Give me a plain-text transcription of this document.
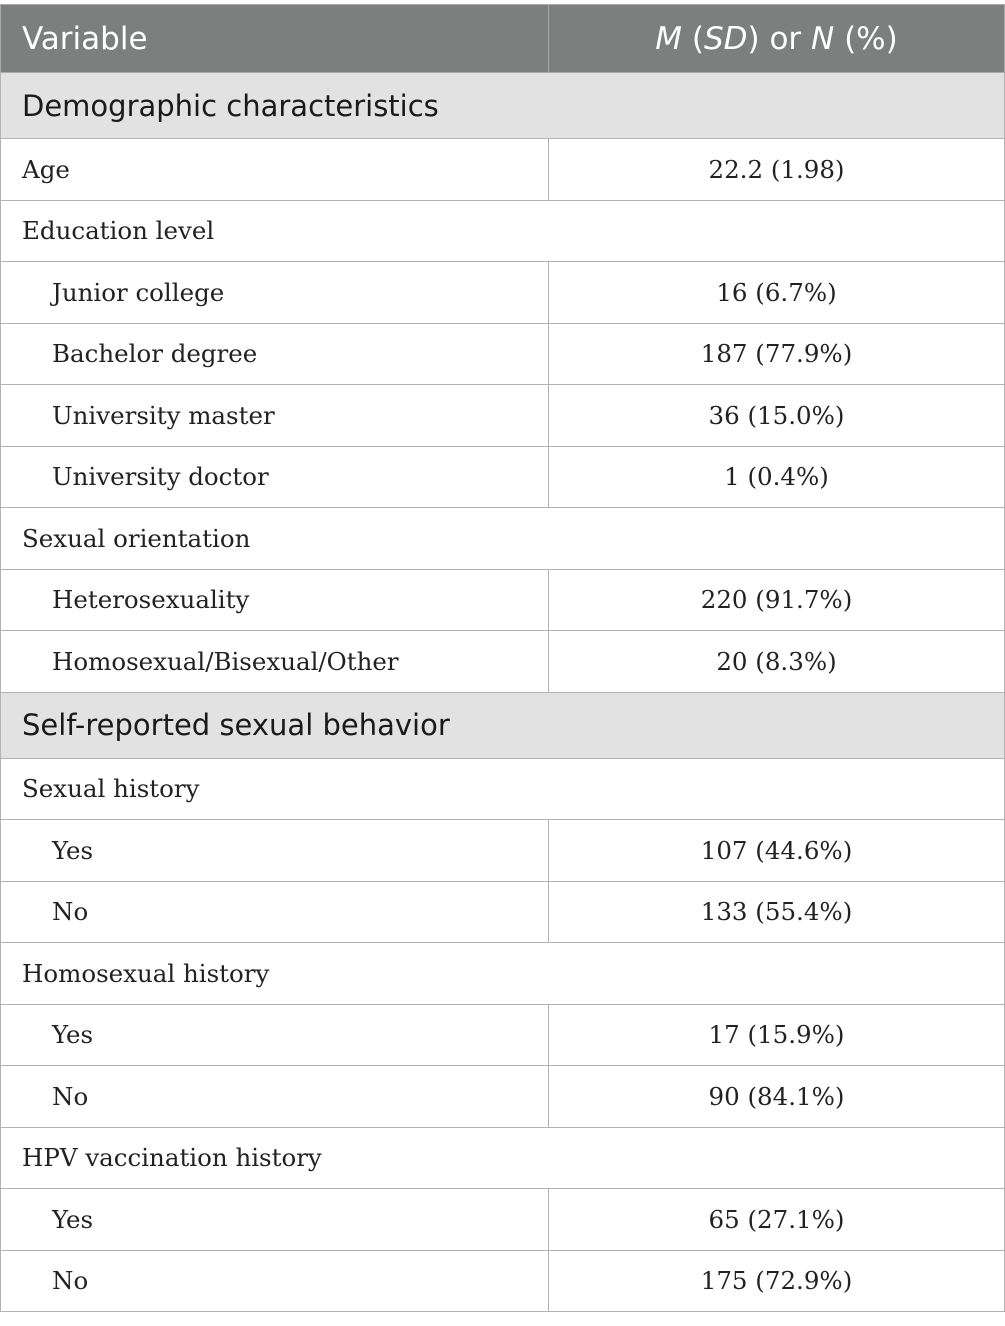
Variable	M (SD) or N (%)
Demographic characteristics	
Age	22.2 (1.98)
Education level	
Junior college	16 (6.7%)
Bachelor degree	187 (77.9%)
University master	36 (15.0%)
University doctor	1 (0.4%)
Sexual orientation	
Heterosexuality	220 (91.7%)
Homosexual/Bisexual/Other	20 (8.3%)
Self-reported sexual behavior	
Sexual history	
Yes	107 (44.6%)
No	133 (55.4%)
Homosexual history	
Yes	17 (15.9%)
No	90 (84.1%)
HPV vaccination history	
Yes	65 (27.1%)
No	175 (72.9%)
